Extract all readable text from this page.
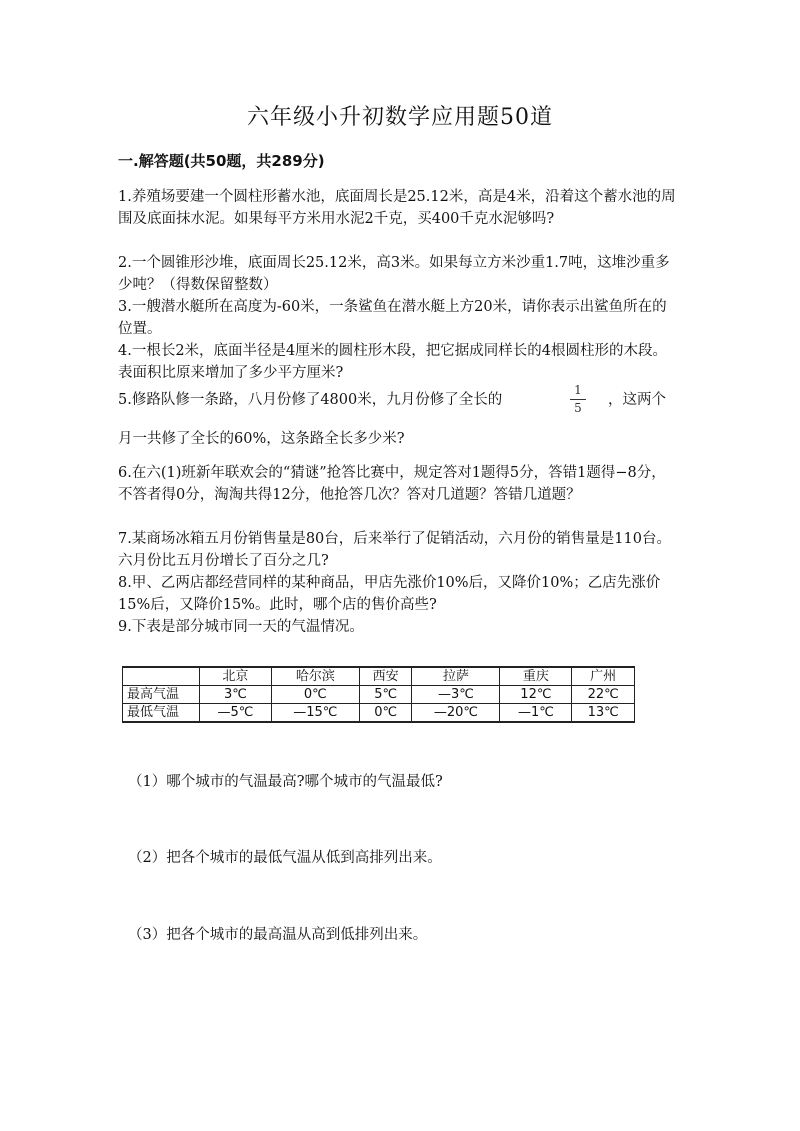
六年级小升初数学应用题50道
一.解答题(共50题，共289分)
1.养殖场要建一个圆柱形蓄水池，底面周长是25.12米，高是4米，沿着这个蓄水池的周围及底面抹水泥。如果每平方米用水泥2千克，买400千克水泥够吗?
2.一个圆锥形沙堆，底面周长25.12米，高3米。如果每立方米沙重1.7吨，这堆沙重多少吨？（得数保留整数）
3.一艘潜水艇所在高度为-60米，一条鲨鱼在潜水艇上方20米，请你表示出鲨鱼所在的位置。
4.一根长2米，底面半径是4厘米的圆柱形木段，把它据成同样长的4根圆柱形的木段。表面积比原来增加了多少平方厘米?
5.修路队修一条路，八月份修了4800米，九月份修了全长的
1
5 ，这两个
月一共修了全长的60%，这条路全长多少米?
6.在六(1)班新年联欢会的“猜谜”抢答比赛中，规定答对1题得5分，答错1题得−8分，不答者得0分，淘淘共得12分，他抢答几次？答对几道题？答错几道题？
7.某商场冰箱五月份销售量是80台，后来举行了促销活动，六月份的销售量是110台。六月份比五月份增长了百分之几?
8.甲、乙两店都经营同样的某种商品，甲店先涨价10%后，又降价10%；乙店先涨价15%后，又降价15%。此时，哪个店的售价高些?
9.下表是部分城市同一天的气温情况。
	北京	哈尔滨	西安	拉萨	重庆	广州
最高气温	3℃	0℃	5℃	—3℃	12℃	22℃
最低气温	—5℃	—15℃	0℃	—20℃	—1℃	13℃
（1）哪个城市的气温最高?哪个城市的气温最低?
（2）把各个城市的最低气温从低到高排列出来。
（3）把各个城市的最高温从高到低排列出来。
